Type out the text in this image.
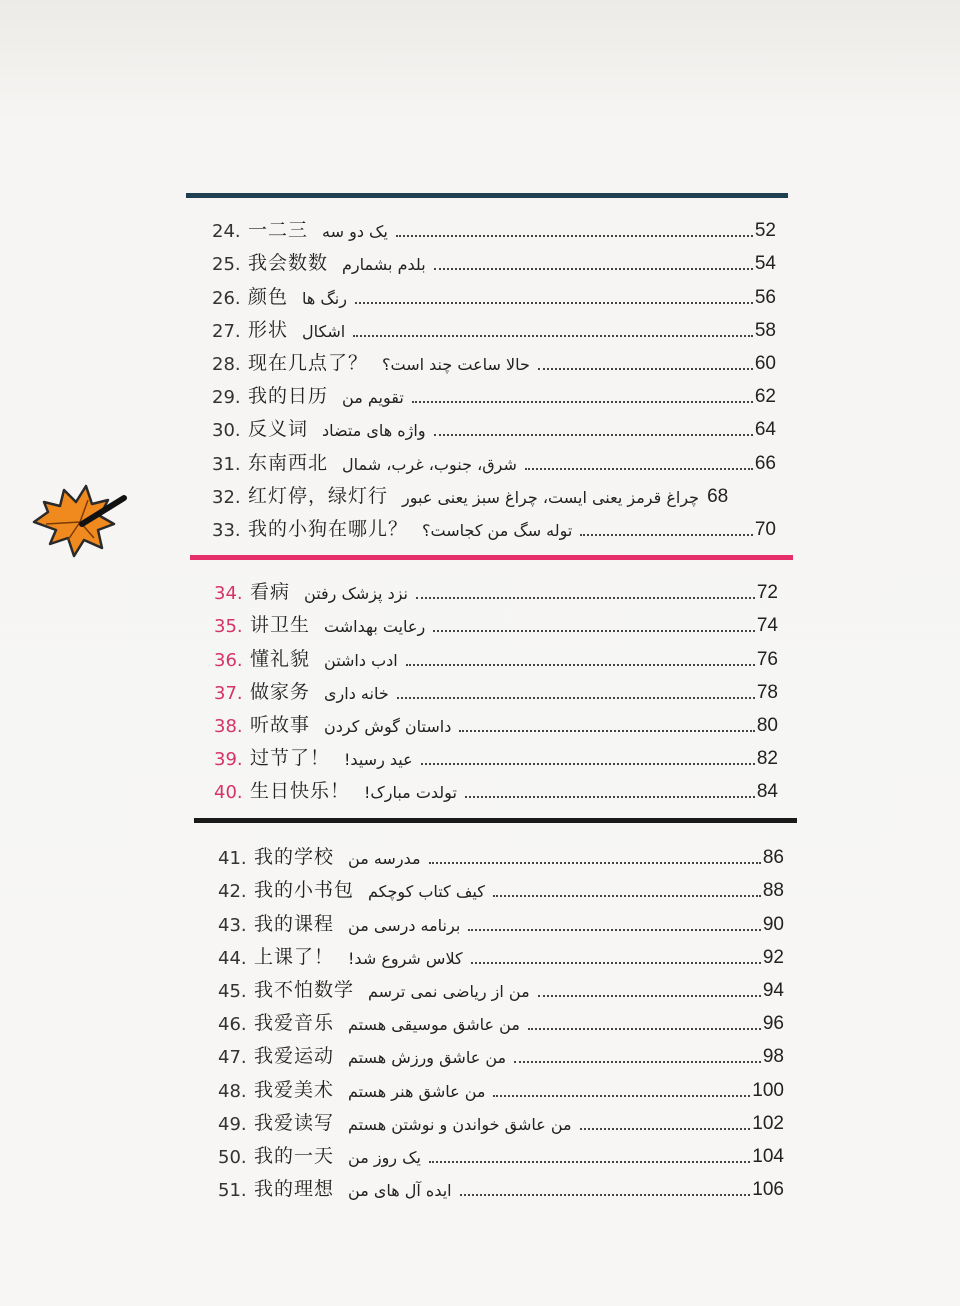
24. 一二三 یک دو سه	52
25. 我会数数 بلدم بشمارم	54
26. 颜色 رنگ ها	56
27. 形状 اشکال	58
28. 现在几点了？ حالا ساعت چند است؟	60
29. 我的日历 تقویم من	62
30. 反义词 واژه های متضاد	64
31. 东南西北 شرق، جنوب، غرب، شمال	66
32. 红灯停，绿灯行 چراغ قرمز یعنی ایست، چراغ سبز یعنی عبور 68
33. 我的小狗在哪儿？ توله سگ من کجاست؟	70
34. 看病 نزد پزشک رفتن	72
35. 讲卫生 رعایت بهداشت	74
36. 懂礼貌 ادب داشتن	76
37. 做家务 خانه داری	78
38. 听故事 داستان گوش کردن	80
39. 过节了！ عید رسید!	82
40. 生日快乐！ تولدت مبارک!	84
41. 我的学校 مدرسه من	86
42. 我的小书包 کیف کتاب کوچکم	88
43. 我的课程 برنامه درسی من	90
44. 上课了！ کلاس شروع شد!	92
45. 我不怕数学 من از ریاضی نمی ترسم	94
46. 我爱音乐 من عاشق موسیقی هستم	96
47. 我爱运动 من عاشق ورزش هستم	98
48. 我爱美术 من عاشق هنر هستم	100
49. 我爱读写 من عاشق خواندن و نوشتن هستم	102
50. 我的一天 یک روز من	104
51. 我的理想 ایده آل های من	106
